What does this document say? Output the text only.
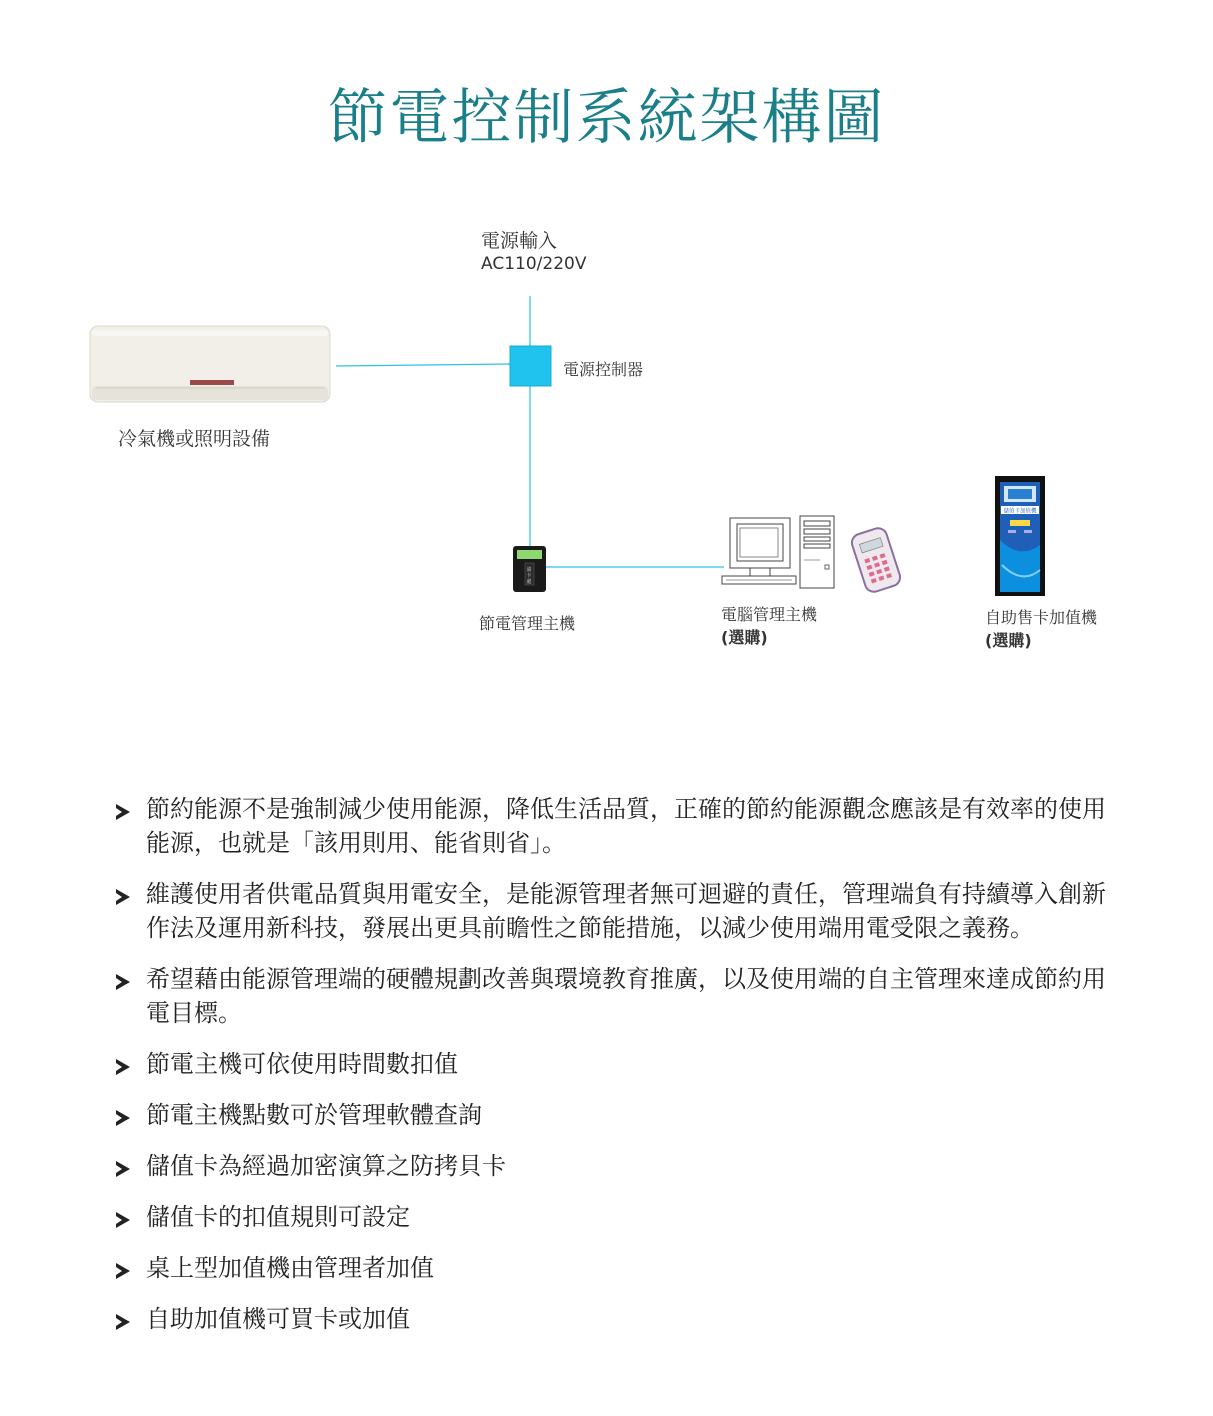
節電控制系統架構圖
請
卡
處
儲值卡加值機
電源輸入
AC110/220V
電源控制器
冷氣機或照明設備
節電管理主機	電腦管理主機
(選購)
自助售卡加值機
(選購)
節約能源不是強制減少使用能源，降低生活品質，正確的節約能源觀念應該是有效率的使用能源，也就是「該用則用、能省則省」。
維護使用者供電品質與用電安全，是能源管理者無可迴避的責任，管理端負有持續導入創新作法及運用新科技，發展出更具前瞻性之節能措施，以減少使用端用電受限之義務。
希望藉由能源管理端的硬體規劃改善與環境教育推廣，以及使用端的自主管理來達成節約用電目標。
節電主機可依使用時間數扣值
節電主機點數可於管理軟體查詢
儲值卡為經過加密演算之防拷貝卡
儲值卡的扣值規則可設定
桌上型加值機由管理者加值
自助加值機可買卡或加值
